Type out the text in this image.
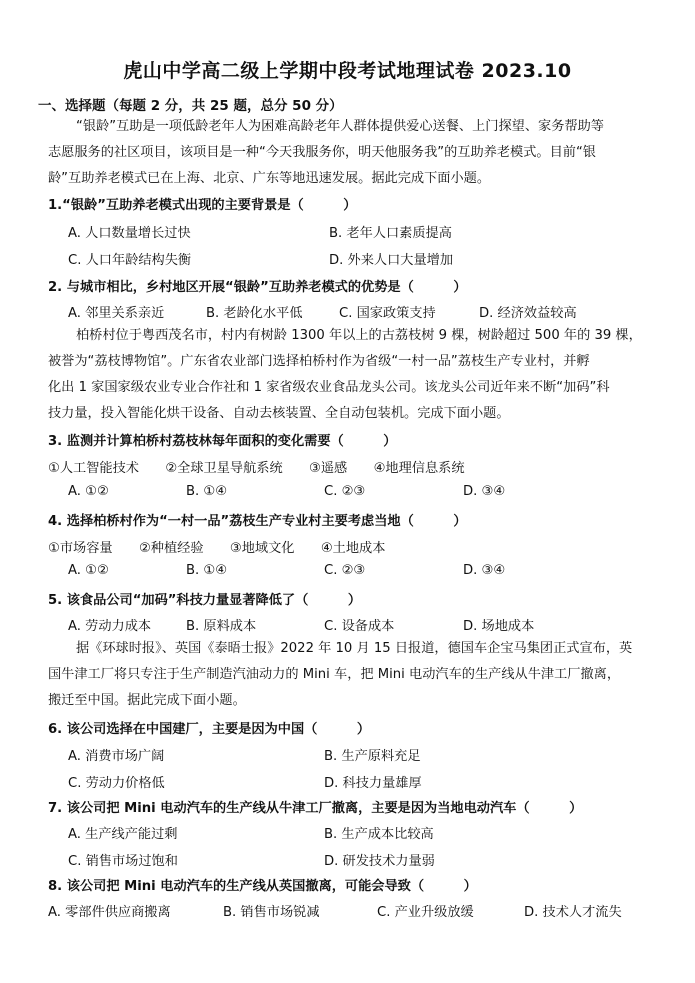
虎山中学高二级上学期中段考试地理试卷 2023.10
一、选择题（每题 2 分，共 25 题，总分 50 分）
“银龄”互助是一项低龄老年人为困难高龄老年人群体提供爱心送餐、上门探望、家务帮助等
志愿服务的社区项目，该项目是一种“今天我服务你，明天他服务我”的互助养老模式。目前“银
龄”互助养老模式已在上海、北京、广东等地迅速发展。据此完成下面小题。
1.“银龄”互助养老模式出现的主要背景是（　　　）
A. 人口数量增长过快	B. 老年人口素质提高
C. 人口年龄结构失衡	D. 外来人口大量增加
2. 与城市相比，乡村地区开展“银龄”互助养老模式的优势是（　　　）
A. 邻里关系亲近	B. 老龄化水平低	C. 国家政策支持	D. 经济效益较高
柏桥村位于粤西茂名市，村内有树龄 1300 年以上的古荔枝树 9 棵，树龄超过 500 年的 39 棵，
被誉为“荔枝博物馆”。广东省农业部门选择柏桥村作为省级“一村一品”荔枝生产专业村，并孵
化出 1 家国家级农业专业合作社和 1 家省级农业食品龙头公司。该龙头公司近年来不断“加码”科
技力量，投入智能化烘干设备、自动去核装置、全自动包装机。完成下面小题。
3. 监测并计算柏桥村荔枝林每年面积的变化需要（　　　）
①人工智能技术　　②全球卫星导航系统　　③遥感　　④地理信息系统
A. ①②	B. ①④	C. ②③	D. ③④
4. 选择柏桥村作为“一村一品”荔枝生产专业村主要考虑当地（　　　）
①市场容量　　②种植经验　　③地域文化　　④土地成本
A. ①②	B. ①④	C. ②③	D. ③④
5. 该食品公司“加码”科技力量显著降低了（　　　）
A. 劳动力成本	B. 原料成本	C. 设备成本	D. 场地成本
据《环球时报》、英国《泰晤士报》2022 年 10 月 15 日报道，德国车企宝马集团正式宣布，英
国牛津工厂将只专注于生产制造汽油动力的 Mini 车，把 Mini 电动汽车的生产线从牛津工厂撤离，
搬迁至中国。据此完成下面小题。
6. 该公司选择在中国建厂，主要是因为中国（　　　）
A. 消费市场广阔	B. 生产原料充足
C. 劳动力价格低	D. 科技力量雄厚
7. 该公司把 Mini 电动汽车的生产线从牛津工厂撤离，主要是因为当地电动汽车（　　　）
A. 生产线产能过剩	B. 生产成本比较高
C. 销售市场过饱和	D. 研发技术力量弱
8. 该公司把 Mini 电动汽车的生产线从英国撤离，可能会导致（　　　）
A. 零部件供应商搬离	B. 销售市场锐减	C. 产业升级放缓	D. 技术人才流失
